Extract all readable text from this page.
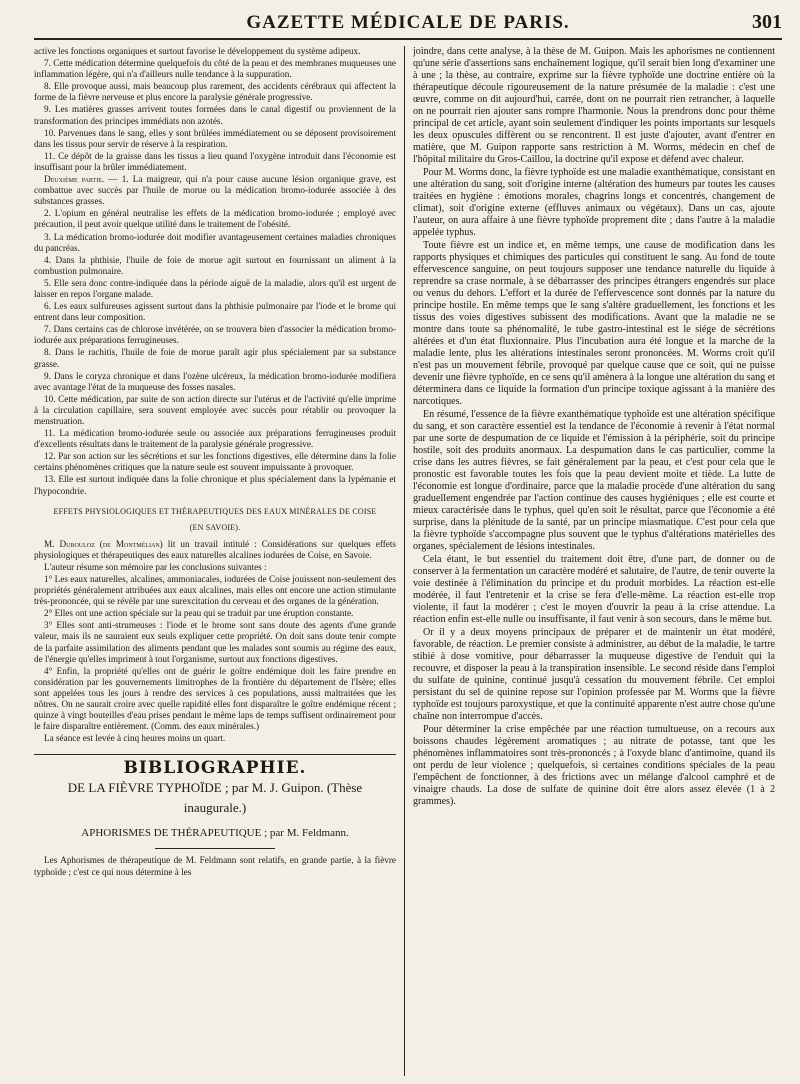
GAZETTE MÉDICALE DE PARIS.	301

active les fonctions organiques et surtout favorise le développement du système adipeux.

7. Cette médication détermine quelquefois du côté de la peau et des membranes muqueuses une inflammation légère, qui n'a d'ailleurs nulle tendance à la suppuration.

8. Elle provoque aussi, mais beaucoup plus rarement, des accidents cérébraux qui affectent la forme de la fièvre nerveuse et plus encore la paralysie générale progressive.

9. Les matières grasses arrivent toutes formées dans le canal digestif ou proviennent de la transformation des principes immédiats non azotés.

10. Parvenues dans le sang, elles y sont brûlées immédiatement ou se déposent provisoirement dans les tissus pour servir de réserve à la respiration.

11. Ce dépôt de la graisse dans les tissus a lieu quand l'oxygène introduit dans l'économie est insuffisant pour la brûler immédiatement.

Deuxième partie. — 1. La maigreur, qui n'a pour cause aucune lésion organique grave, est combattue avec succès par l'huile de morue ou la médication bromo-iodurée associée à des substances grasses.

2. L'opium en général neutralise les effets de la médication bromo-iodurée ; employé avec précaution, il peut avoir quelque utilité dans le traitement de l'obésité.

3. La médication bromo-iodurée doit modifier avantageusement certaines maladies chroniques du pancréas.

4. Dans la phthisie, l'huile de foie de morue agit surtout en fournissant un aliment à la combustion pulmonaire.

5. Elle sera donc contre-indiquée dans la période aiguë de la maladie, alors qu'il est urgent de laisser en repos l'organe malade.

6. Les eaux sulfureuses agissent surtout dans la phthisie pulmonaire par l'iode et le brome qui entrent dans leur composition.

7. Dans certains cas de chlorose invétérée, on se trouvera bien d'associer la médication bromo-iodurée aux préparations ferrugineuses.

8. Dans le rachitis, l'huile de foie de morue paraît agir plus spécialement par sa substance grasse.

9. Dans le coryza chronique et dans l'ozène ulcéreux, la médication bromo-iodurée modifiera avec avantage l'état de la muqueuse des fosses nasales.

10. Cette médication, par suite de son action directe sur l'utérus et de l'activité qu'elle imprime à la circulation capillaire, sera souvent employée avec succès pour rétablir ou provoquer la menstruation.

11. La médication bromo-iodurée seule ou associée aux préparations ferrugineuses produit d'excellents résultats dans le traitement de la paralysie générale progressive.

12. Par son action sur les sécrétions et sur les fonctions digestives, elle détermine dans la folie certains phénomènes critiques que la nature seule est souvent impuissante à provoquer.

13. Elle est surtout indiquée dans la folie chronique et plus spécialement dans la lypémanie et l'hypocondrie.

EFFETS PHYSIOLOGIQUES ET THÉRAPEUTIQUES DES EAUX MINÉRALES DE COISE
(EN SAVOIE).

M. Dubouloz (de Montmélian) lit un travail intitulé : Considérations sur quelques effets physiologiques et thérapeutiques des eaux naturelles alcalines iodurées de Coise, en Savoie.

L'auteur résume son mémoire par les conclusions suivantes :

1° Les eaux naturelles, alcalines, ammoniacales, iodurées de Coise jouissent non-seulement des propriétés généralement attribuées aux eaux alcalines, mais elles ont encore une action stimulante très-prononcée, qui se révèle par une surexcitation du cerveau et des organes de la génération.

2° Elles ont une action spéciale sur la peau qui se traduit par une éruption constante.

3° Elles sont anti-strumeuses : l'iode et le brome sont sans doute des agents d'une grande valeur, mais ils ne sauraient eux seuls expliquer cette propriété. On doit sans doute tenir compte de la parfaite assimilation des aliments pendant que les malades sont soumis au régime des eaux, de l'énergie qu'elles impriment à tout l'organisme, surtout aux fonctions digestives.

4° Enfin, la propriété qu'elles ont de guérir le goître endémique doit les faire prendre en considération par les gouvernements limitrophes de la frontière du département de l'Isère; elles sont appelées tous les jours à rendre des services à ces populations, aussi maltraitées que les nôtres. On ne saurait croire avec quelle rapidité elles font disparaître le goître endémique récent ; quinze à vingt bouteilles d'eau prises pendant le même laps de temps suffisent ordinairement pour le faire disparaître entièrement. (Comm. des eaux minérales.)

La séance est levée à cinq heures moins un quart.

BIBLIOGRAPHIE.
DE LA FIÈVRE TYPHOÏDE ; par M. J. Guipon. (Thèse
inaugurale.)
APHORISMES DE THÉRAPEUTIQUE ; par M. Feldmann.

Les Aphorismes de thérapeutique de M. Feldmann sont relatifs, en grande partie, à la fièvre typhoïde ; c'est ce qui nous détermine à les

joindre, dans cette analyse, à la thèse de M. Guipon. Mais les aphorismes ne contiennent qu'une série d'assertions sans enchaînement logique, qu'il serait bien long d'examiner une à une ; la thèse, au contraire, exprime sur la fièvre typhoïde une doctrine entière où la thérapeutique découle rigoureusement de la nature présumée de la maladie : c'est une œuvre, comme on dit aujourd'hui, carrée, dont on ne pourrait rien retrancher, à laquelle on ne pourrait rien ajouter sans rompre l'harmonie. Nous la prendrons donc pour thème principal de cet article, ayant soin seulement d'indiquer les points importants sur lesquels les deux opuscules diffèrent ou se rencontrent. Il est juste d'ajouter, avant d'entrer en matière, que M. Guipon rapporte sans restriction à M. Worms, médecin en chef de l'hôpital militaire du Gros-Caillou, la doctrine qu'il expose et défend avec chaleur.

Pour M. Worms donc, la fièvre typhoïde est une maladie exanthématique, consistant en une altération du sang, soit d'origine interne (altération des humeurs par toutes les causes traitées en hygiène : émotions morales, chagrins longs et concentrés, changement de climat), soit d'origine externe (effluves animaux ou végétaux). Dans un cas, ajoute l'auteur, on aura affaire à une fièvre typhoïde proprement dite ; dans l'autre à la maladie appelée typhus.

Toute fièvre est un indice et, en même temps, une cause de modification dans les rapports physiques et chimiques des particules qui constituent le sang. Au fond de toute effervescence sanguine, on peut toujours supposer une tendance naturelle du liquide à reprendre sa crase normale, à se débarrasser des principes étrangers engendrés sur place ou venus du dehors. L'effort et la durée de l'effervescence sont donnés par la nature du principe hostile. En même temps que le sang s'altère graduellement, les fonctions et les tissus des voies digestives subissent des modifications. Avant que la maladie ne se montre dans toute sa phénomalité, le tube gastro-intestinal est le siége de sécrétions altérées et d'un état fluxionnaire. Plus l'incubation aura été longue et la marche de la maladie lente, plus les altérations intestinales seront prononcées. M. Worms croit qu'il n'est pas un mouvement fébrile, provoqué par quelque cause que ce soit, qui ne puisse devenir une fièvre typhoïde, en ce sens qu'il amènera à la longue une altération du sang et déterminera dans ce liquide la formation d'un principe toxique agissant à la manière des narcotiques.

En résumé, l'essence de la fièvre exanthématique typhoïde est une altération spécifique du sang, et son caractère essentiel est la tendance de l'économie à revenir à l'état normal par une sorte de despumation de ce liquide et l'émission à la périphérie, soit du principe hostile, soit des produits anormaux. La despumation dans le cas particulier, comme la crise dans les autres fièvres, se fait généralement par la peau, et c'est pour cela que le pronostic est favorable toutes les fois que la peau devient moite et tiède. La lutte de l'économie est longue d'ordinaire, parce que la maladie procède d'une altération du sang graduellement engendrée par l'action continue des causes hygiéniques ; elle est courte et mieux caractérisée dans le typhus, quel qu'en soit le résultat, parce que l'économie a été surprise, dans la plénitude de la santé, par un principe miasmatique. C'est pour cela que la fièvre typhoïde s'accompagne plus souvent que le typhus d'altérations matérielles des organes, spécialement de lésions intestinales.

Cela étant, le but essentiel du traitement doit être, d'une part, de donner ou de conserver à la fermentation un caractère modéré et salutaire, de l'autre, de tenir ouverte la voie destinée à l'élimination du principe et du produit morbides. La réaction est-elle modérée, il faut l'entretenir et la crise se fera d'elle-même. La réaction est-elle trop violente, il faut la modérer ; c'est le moyen d'ouvrir la peau à la crise attendue. La réaction enfin est-elle nulle ou insuffisante, il faut venir à son secours, dans le même but.

Or il y a deux moyens principaux de préparer et de maintenir un état modéré, favorable, de réaction. Le premier consiste à administrer, au début de la maladie, le tartre stibié à dose vomitive, pour débarrasser la muqueuse digestive de l'enduit qui la recouvre, et disposer la peau à la transpiration insensible. Le second réside dans l'emploi du sulfate de quinine, continué jusqu'à cessation du mouvement fébrile. Cet emploi persistant du sel de quinine repose sur l'opinion professée par M. Worms que la fièvre typhoïde est toujours paroxystique, et que la continuité apparente n'est autre chose qu'une chaîne non interrompue d'accès.

Pour déterminer la crise empêchée par une réaction tumultueuse, on a recours aux boissons chaudes légèrement aromatiques ; au nitrate de potasse, tant que les phénomènes inflammatoires sont très-prononcés ; à l'oxyde blanc d'antimoine, quand ils ont perdu de leur violence ; quelquefois, si certaines conditions spéciales de la peau l'empêchent de fonctionner, à des frictions avec un mélange d'alcool camphré et de vinaigre chauds. La dose de sulfate de quinine doit être alors assez élevée (1 à 2 grammes).
